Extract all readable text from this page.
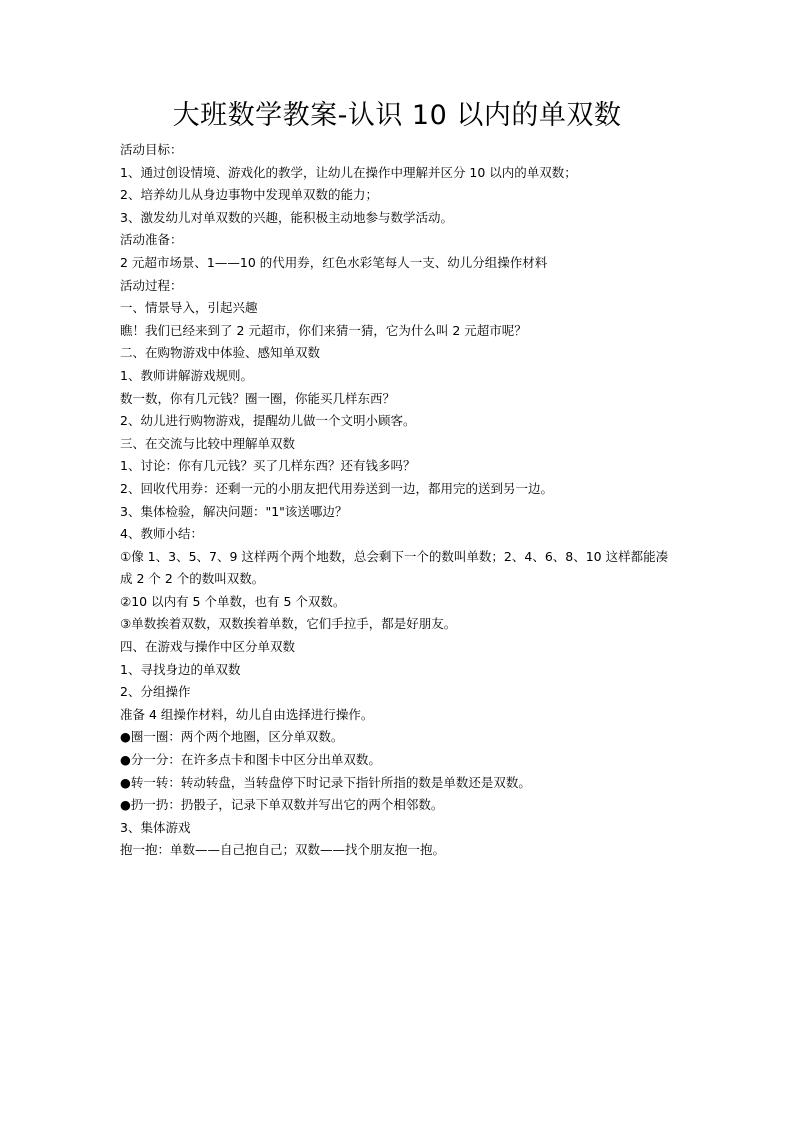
大班数学教案-认识 10 以内的单双数

活动目标：

1、通过创设情境、游戏化的教学，让幼儿在操作中理解并区分 10 以内的单双数；

2、培养幼儿从身边事物中发现单双数的能力；

3、激发幼儿对单双数的兴趣，能积极主动地参与数学活动。

活动准备：

2 元超市场景、1——10 的代用券，红色水彩笔每人一支、幼儿分组操作材料

活动过程：

一、情景导入，引起兴趣

瞧！我们已经来到了 2 元超市，你们来猜一猜，它为什么叫 2 元超市呢？

二、在购物游戏中体验、感知单双数

1、教师讲解游戏规则。

数一数，你有几元钱？圈一圈，你能买几样东西？

2、幼儿进行购物游戏，提醒幼儿做一个文明小顾客。

三、在交流与比较中理解单双数

1、讨论：你有几元钱？买了几样东西？还有钱多吗？

2、回收代用券：还剩一元的小朋友把代用券送到一边，都用完的送到另一边。

3、集体检验，解决问题："1"该送哪边？

4、教师小结：

①像 1、3、5、7、9 这样两个两个地数，总会剩下一个的数叫单数；2、4、6、8、10 这样都能凑成 2 个 2 个的数叫双数。

②10 以内有 5 个单数，也有 5 个双数。

③单数挨着双数，双数挨着单数，它们手拉手，都是好朋友。

四、在游戏与操作中区分单双数

1、寻找身边的单双数

2、分组操作

准备 4 组操作材料，幼儿自由选择进行操作。

●圈一圈：两个两个地圈，区分单双数。

●分一分：在许多点卡和图卡中区分出单双数。

●转一转：转动转盘，当转盘停下时记录下指针所指的数是单数还是双数。

●扔一扔：扔骰子，记录下单双数并写出它的两个相邻数。

3、集体游戏

抱一抱：单数——自己抱自己；双数——找个朋友抱一抱。
